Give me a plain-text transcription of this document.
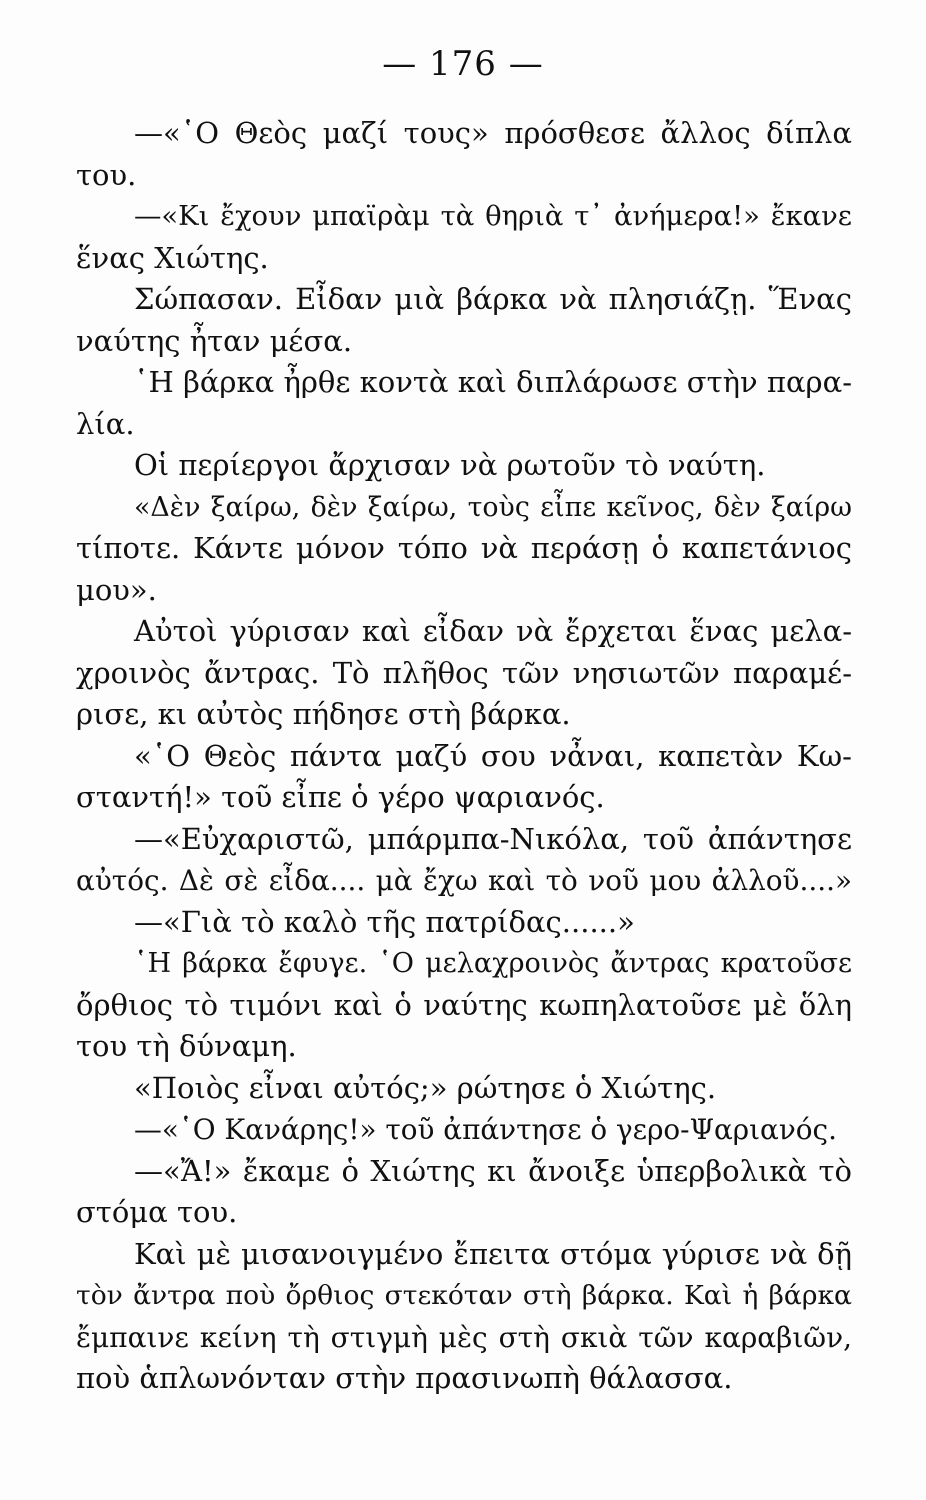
— 176 —
—«῾Ο Θεὸς μαζί τους» πρόσθεσε ἄλλος δίπλα
του.
—«Κι ἔχουν μπαϊρὰμ τὰ θηριὰ τ᾽ ἀνήμερα!» ἔκανε
ἕνας Χιώτης.
Σώπασαν. Εἶδαν μιὰ βάρκα νὰ πλησιάζῃ. Ἕνας
ναύτης ἦταν μέσα.
῾Η βάρκα ἦρθε κοντὰ καὶ διπλάρωσε στὴν παρα-
λία.
Οἱ περίεργοι ἄρχισαν νὰ ρωτοῦν τὸ ναύτη.
«Δὲν ξαίρω, δὲν ξαίρω, τοὺς εἶπε κεῖνος, δὲν ξαίρω
τίποτε. Κάντε μόνον τόπο νὰ περάσῃ ὁ καπετάνιος
μου».
Αὐτοὶ γύρισαν καὶ εἶδαν νὰ ἔρχεται ἕνας μελα-
χροινὸς ἄντρας. Τὸ πλῆθος τῶν νησιωτῶν παραμέ-
ρισε, κι αὐτὸς πήδησε στὴ βάρκα.
«῾Ο Θεὸς πάντα μαζύ σου νἆναι, καπετὰν Κω-
σταντή!» τοῦ εἶπε ὁ γέρο ψαριανός.
—«Εὐχαριστῶ, μπάρμπα-Νικόλα, τοῦ ἀπάντησε
αὐτός. Δὲ σὲ εἶδα.... μὰ ἔχω καὶ τὸ νοῦ μου ἀλλοῦ....»
—«Γιὰ τὸ καλὸ τῆς πατρίδας......»
῾Η βάρκα ἔφυγε. ῾Ο μελαχροινὸς ἄντρας κρατοῦσε
ὄρθιος τὸ τιμόνι καὶ ὁ ναύτης κωπηλατοῦσε μὲ ὅλη
του τὴ δύναμη.
«Ποιὸς εἶναι αὐτός;» ρώτησε ὁ Χιώτης.
—«῾Ο Κανάρης!» τοῦ ἀπάντησε ὁ γερο-Ψαριανός.
—«Ἄ!» ἔκαμε ὁ Χιώτης κι ἄνοιξε ὑπερβολικὰ τὸ
στόμα του.
Καὶ μὲ μισανοιγμένο ἔπειτα στόμα γύρισε νὰ δῇ
τὸν ἄντρα ποὺ ὄρθιος στεκόταν στὴ βάρκα. Καὶ ἡ βάρκα
ἔμπαινε κείνη τὴ στιγμὴ μὲς στὴ σκιὰ τῶν καραβιῶν,
ποὺ ἁπλωνόνταν στὴν πρασινωπὴ θάλασσα.
